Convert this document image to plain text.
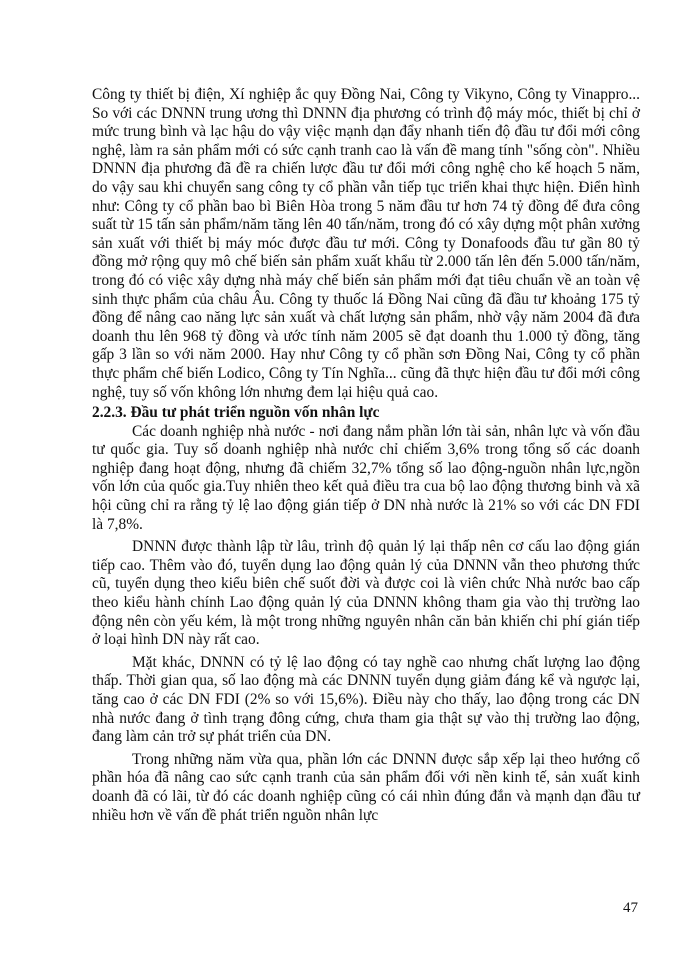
Công ty thiết bị điện, Xí nghiệp ắc quy Đồng Nai, Công ty Vikyno, Công ty Vinappro... So với các DNNN trung ương thì DNNN địa phương có trình độ máy móc, thiết bị chỉ ở mức trung bình và lạc hậu do vậy việc mạnh dạn đẩy nhanh tiến độ đầu tư đổi mới công nghệ, làm ra sản phẩm mới có sức cạnh tranh cao là vấn đề mang tính "sống còn". Nhiều DNNN địa phương đã đề ra chiến lược đầu tư đổi mới công nghệ cho kế hoạch 5 năm, do vậy sau khi chuyển sang công ty cổ phần vẫn tiếp tục triển khai thực hiện. Điển hình như: Công ty cổ phần bao bì Biên Hòa trong 5 năm đầu tư hơn 74 tỷ đồng để đưa công suất từ 15 tấn sản phẩm/năm tăng lên 40 tấn/năm, trong đó có xây dựng một phân xưởng sản xuất với thiết bị máy móc được đầu tư mới. Công ty Donafoods đầu tư gần 80 tỷ đồng mở rộng quy mô chế biến sản phẩm xuất khẩu từ 2.000 tấn lên đến 5.000 tấn/năm, trong đó có việc xây dựng nhà máy chế biến sản phẩm mới đạt tiêu chuẩn về an toàn vệ sinh thực phẩm của châu Âu. Công ty thuốc lá Đồng Nai cũng đã đầu tư khoảng 175 tỷ đồng để nâng cao năng lực sản xuất và chất lượng sản phẩm, nhờ vậy năm 2004 đã đưa doanh thu lên 968 tỷ đồng và ước tính năm 2005 sẽ đạt doanh thu 1.000 tỷ đồng, tăng gấp 3 lần so với năm 2000. Hay như Công ty cổ phần sơn Đồng Nai, Công ty cổ phần thực phẩm chế biến Lodico, Công ty Tín Nghĩa... cũng đã thực hiện đầu tư đổi mới công nghệ, tuy số vốn không lớn nhưng đem lại hiệu quả cao.

2.2.3. Đầu tư phát triển nguồn vốn nhân lực

Các doanh nghiệp nhà nước - nơi đang nắm phần lớn tài sản, nhân lực và vốn đầu tư quốc gia. Tuy số doanh nghiệp nhà nước chỉ chiếm 3,6% trong tổng số các doanh nghiệp đang hoạt động, nhưng đã chiếm 32,7% tổng số lao động-nguồn nhân lực,ngồn vốn lớn của quốc gia.Tuy nhiên theo kết quả điều tra cua bộ lao động thương binh và xã hội cũng chỉ ra rằng tỷ lệ lao động gián tiếp ở DN nhà nước là 21% so với các DN FDI là 7,8%.

DNNN được thành lập từ lâu, trình độ quản lý lại thấp nên cơ cấu lao động gián tiếp cao. Thêm vào đó, tuyển dụng lao động quản lý của DNNN vẫn theo phương thức cũ, tuyển dụng theo kiểu biên chế suốt đời và được coi là viên chức Nhà nước bao cấp theo kiểu hành chính Lao động quản lý của DNNN không tham gia vào thị trường lao động nên còn yếu kém, là một trong những nguyên nhân căn bản khiến chi phí gián tiếp ở loại hình DN này rất cao.

Mặt khác, DNNN có tỷ lệ lao động có tay nghề cao nhưng chất lượng lao động thấp. Thời gian qua, số lao động mà các DNNN tuyển dụng giảm đáng kể và ngược lại, tăng cao ở các DN FDI (2% so với 15,6%). Điều này cho thấy, lao động trong các DN nhà nước đang ở tình trạng đông cứng, chưa tham gia thật sự vào thị trường lao động, đang làm cản trở sự phát triển của DN.

Trong những năm vừa qua, phần lớn các DNNN được sắp xếp lại theo hướng cổ phần hóa đã nâng cao sức cạnh tranh của sản phẩm đối với nền kinh tế, sản xuất kinh doanh đã có lãi, từ đó các doanh nghiệp cũng có cái nhìn đúng đắn và mạnh dạn đầu tư nhiều hơn về vấn đề phát triển nguồn nhân lực

47
